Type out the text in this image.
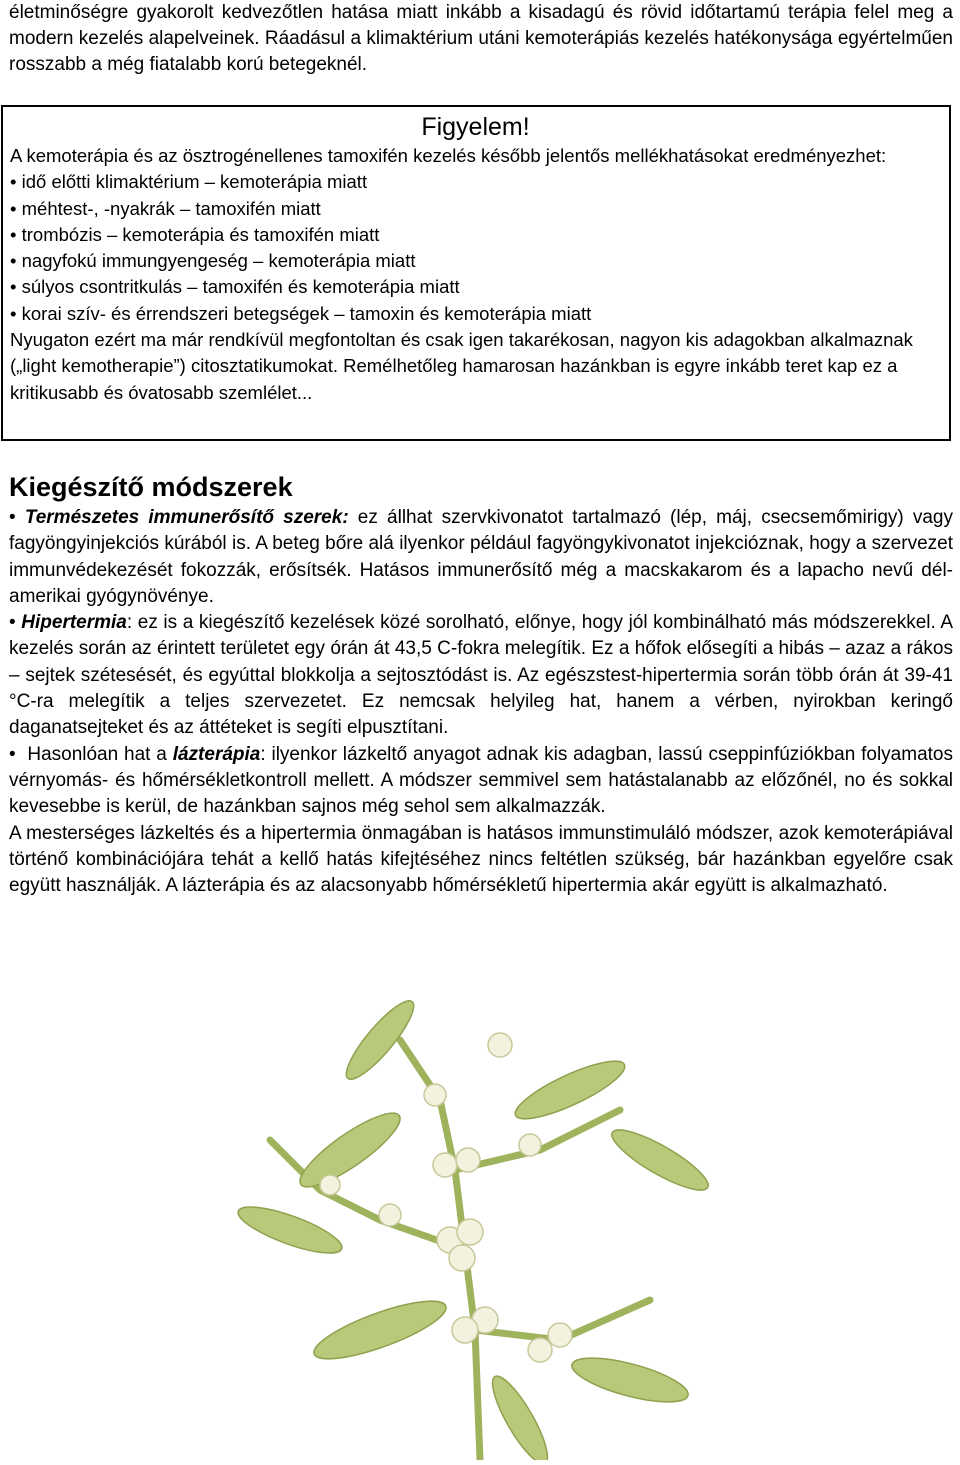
életminőségre gyakorolt kedvezőtlen hatása miatt inkább a kisadagú és rövid időtartamú terápia felel meg a modern kezelés alapelveinek. Ráadásul a klimaktérium utáni kemoterápiás kezelés hatékonysága egyértelműen rosszabb a még fiatalabb korú betegeknél.

Figyelem!

A kemoterápia és az ösztrogénellenes tamoxifén kezelés később jelentős mellékhatásokat eredményezhet:

• idő előtti klimaktérium – kemoterápia miatt

• méhtest-, -nyakrák – tamoxifén miatt

• trombózis – kemoterápia és tamoxifén miatt

• nagyfokú immungyengeség – kemoterápia miatt

• súlyos csontritkulás – tamoxifén és kemoterápia miatt

• korai szív- és érrendszeri betegségek – tamoxin és kemoterápia miatt

Nyugaton ezért ma már rendkívül megfontoltan és csak igen takarékosan, nagyon kis adagokban alkalmaznak („light kemotherapie”) citosztatikumokat. Remélhetőleg hamarosan hazánkban is egyre inkább teret kap ez a kritikusabb és óvatosabb szemlélet...

Kiegészítő módszerek

• Természetes immunerősítő szerek: ez állhat szervkivonatot tartalmazó (lép, máj, csecsemőmirigy) vagy fagyöngyinjekciós kúrából is. A beteg bőre alá ilyenkor például fagyöngykivonatot injekcióznak, hogy a szervezet immunvédekezését fokozzák, erősítsék. Hatásos immunerősítő még a macskakarom és a lapacho nevű dél-amerikai gyógynövénye.

• Hipertermia: ez is a kiegészítő kezelések közé sorolható, előnye, hogy jól kombinálható más módszerekkel. A kezelés során az érintett területet egy órán át 43,5 C-fokra melegítik. Ez a hőfok elősegíti a hibás – azaz a rákos – sejtek szétesését, és egyúttal blokkolja a sejtosztódást is. Az egészstest-hipertermia során több órán át 39-41 °C-ra melegítik a teljes szervezetet. Ez nemcsak helyileg hat, hanem a vérben, nyirokban keringő daganatsejteket és az áttéteket is segíti elpusztítani.

•  Hasonlóan hat a lázterápia: ilyenkor lázkeltő anyagot adnak kis adagban, lassú cseppinfúziókban folyamatos vérnyomás- és hőmérsékletkontroll mellett. A módszer semmivel sem hatástalanabb az előzőnél, no és sokkal kevesebbe is kerül, de hazánkban sajnos még sehol sem alkalmazzák.

A mesterséges lázkeltés és a hipertermia önmagában is hatásos immunstimuláló módszer, azok kemoterápiával történő kombinációjára tehát a kellő hatás kifejtéséhez nincs feltétlen szükség, bár hazánkban egyelőre csak együtt használják. A lázterápia és az alacsonyabb hőmérsékletű hipertermia akár együtt is alkalmazható.
